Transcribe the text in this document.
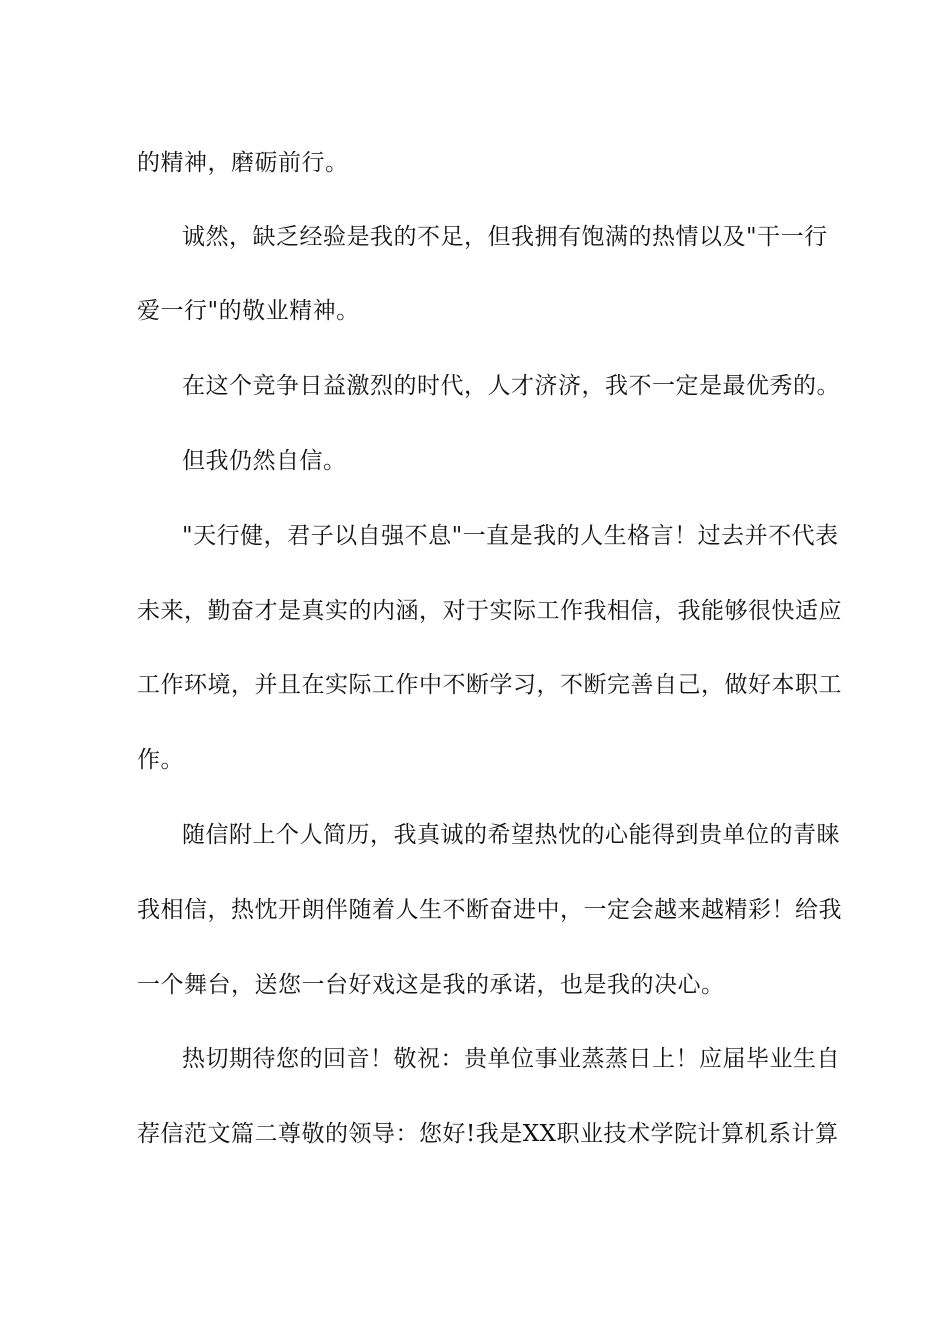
的精神，磨砺前行。
诚然，缺乏经验是我的不足，但我拥有饱满的热情以及"干一行
爱一行"的敬业精神。
在这个竞争日益激烈的时代，人才济济，我不一定是最优秀的。
但我仍然自信。
"天行健，君子以自强不息"一直是我的人生格言！过去并不代表
未来，勤奋才是真实的内涵，对于实际工作我相信，我能够很快适应
工作环境，并且在实际工作中不断学习，不断完善自己，做好本职工
作。
随信附上个人简历，我真诚的希望热忱的心能得到贵单位的青睐
我相信，热忱开朗伴随着人生不断奋进中，一定会越来越精彩！给我
一个舞台，送您一台好戏这是我的承诺，也是我的决心。
热切期待您的回音！敬祝：贵单位事业蒸蒸日上！应届毕业生自
荐信范文篇二尊敬的领导：您好!我是XX职业技术学院计算机系计算
